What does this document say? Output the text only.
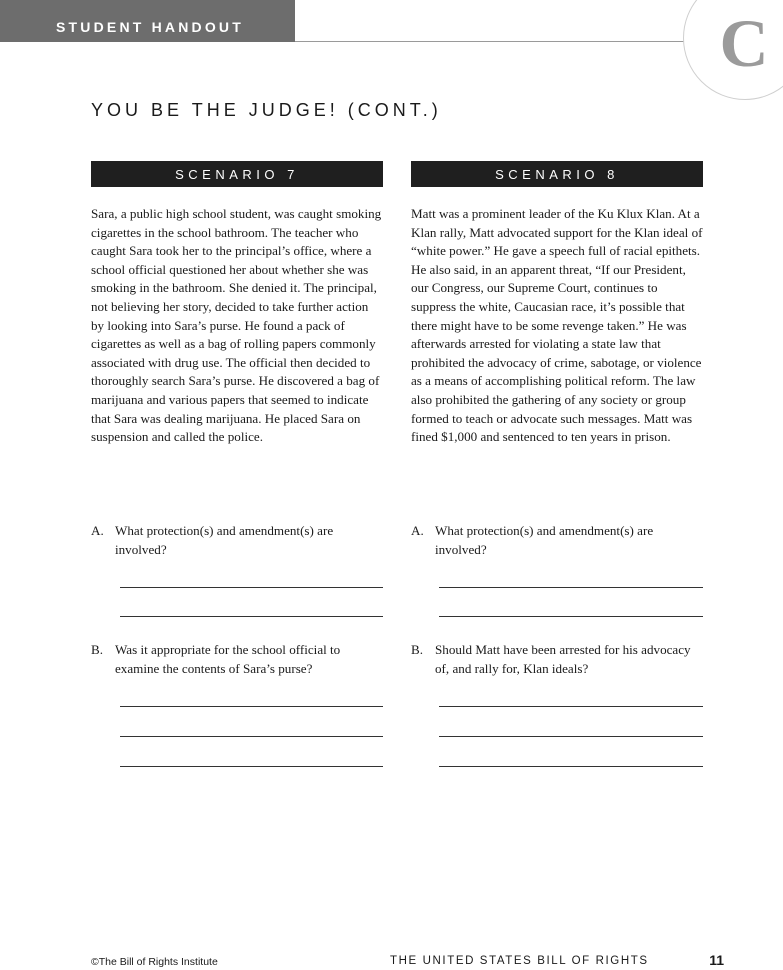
STUDENT HANDOUT	C
YOU BE THE JUDGE! (CONT.)
SCENARIO 7	SCENARIO 8

Sara, a public high school student, was caught smoking cigarettes in the school bathroom. The teacher who caught Sara took her to the principal’s office, where a school official questioned her about whether she was smoking in the bathroom. She denied it. The principal, not believing her story, decided to take further action by looking into Sara’s purse. He found a pack of cigarettes as well as a bag of rolling papers commonly associated with drug use. The official then decided to thoroughly search Sara’s purse. He discovered a bag of marijuana and various papers that seemed to indicate that Sara was dealing marijuana. He placed Sara on suspension and called the police.

Matt was a prominent leader of the Ku Klux Klan. At a Klan rally, Matt advocated support for the Klan ideal of “white power.” He gave a speech full of racial epithets. He also said, in an apparent threat, “If our President, our Congress, our Supreme Court, continues to suppress the white, Caucasian race, it’s possible that there might have to be some revenge taken.” He was afterwards arrested for violating a state law that prohibited the advocacy of crime, sabotage, or violence as a means of accomplishing political reform. The law also prohibited the gathering of any society or group formed to teach or advocate such messages. Matt was fined $1,000 and sentenced to ten years in prison.

A. What protection(s) and amendment(s) are involved?
B. Was it appropriate for the school official to examine the contents of Sara’s purse?
A. What protection(s) and amendment(s) are involved?
B. Should Matt have been arrested for his advocacy of, and rally for, Klan ideals?
©The Bill of Rights Institute	THE UNITED STATES BILL OF RIGHTS	11
